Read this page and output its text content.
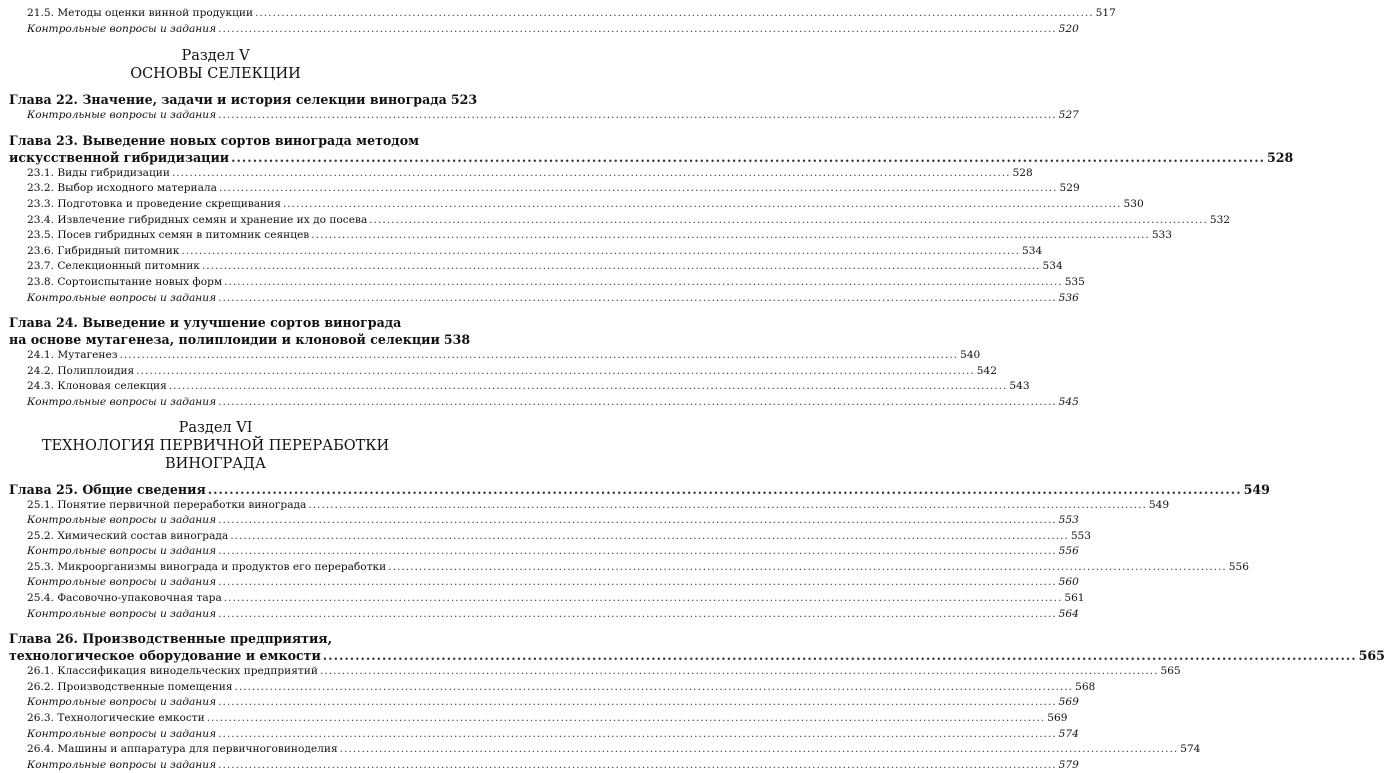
21.5. Методы оценки винной продукции .....	517
Контрольные вопросы и задания .....	520
Раздел V
ОСНОВЫ СЕЛЕКЦИИ
Глава 22. Значение, задачи и история селекции винограда 523
Контрольные вопросы и задания .....	527
Глава 23. Выведение новых сортов винограда методом
искусственной гибридизации .....	528
23.1. Виды гибридизации .....	528
23.2. Выбор исходного материала .....	529
23.3. Подготовка и проведение скрещивания .....	530
23.4. Извлечение гибридных семян и хранение их до посева .....	532
23.5. Посев гибридных семян в питомник сеянцев .....	533
23.6. Гибридный питомник .....	534
23.7. Селекционный питомник .....	534
23.8. Сортоиспытание новых форм .....	535
Контрольные вопросы и задания .....	536
Глава 24. Выведение и улучшение сортов винограда
на основе мутагенеза, полиплоидии и клоновой селекции 538
24.1. Мутагенез .....	540
24.2. Полиплоидия .....	542
24.3. Клоновая селекция .....	543
Контрольные вопросы и задания .....	545
Раздел VI
ТЕХНОЛОГИЯ ПЕРВИЧНОЙ ПЕРЕРАБОТКИ ВИНОГРАДА
Глава 25. Общие сведения .....	549
25.1. Понятие первичной переработки винограда .....	549
Контрольные вопросы и задания .....	553
25.2. Химический состав винограда .....	553
Контрольные вопросы и задания .....	556
25.3. Микроорганизмы винограда и продуктов его переработки .....	556
Контрольные вопросы и задания .....	560
25.4. Фасовочно-упаковочная тара .....	561
Контрольные вопросы и задания .....	564
Глава 26. Производственные предприятия,
технологическое оборудование и емкости .....	565
26.1. Классификация винодельческих предприятий .....	565
26.2. Производственные помещения .....	568
Контрольные вопросы и задания .....	569
26.3. Технологические емкости .....	569
Контрольные вопросы и задания .....	574
26.4. Машины и аппаратура для первичноговиноделия .....	574
Контрольные вопросы и задания .....	579
